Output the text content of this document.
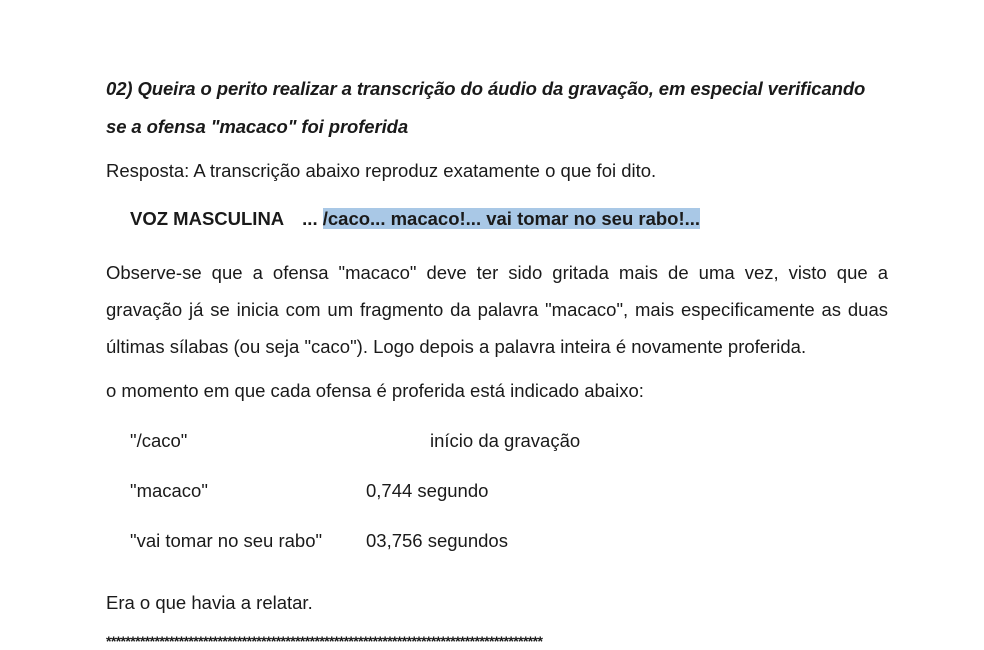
02) Queira o perito realizar a transcrição do áudio da gravação, em especial verificando se a ofensa "macaco" foi proferida
Resposta: A transcrição abaixo reproduz exatamente o que foi dito.
VOZ MASCULINA ... /caco... macaco!... vai tomar no seu rabo!...
Observe-se que a ofensa "macaco" deve ter sido gritada mais de uma vez, visto que a gravação já se inicia com um fragmento da palavra "macaco", mais especificamente as duas últimas sílabas (ou seja "caco"). Logo depois a palavra inteira é novamente proferida.
o momento em que cada ofensa é proferida está indicado abaixo:
"/caco"	início da gravação
"macaco"	0,744 segundo
"vai tomar no seu rabo" 03,756 segundos
Era o que havia a relatar.
******************************************************************************************
